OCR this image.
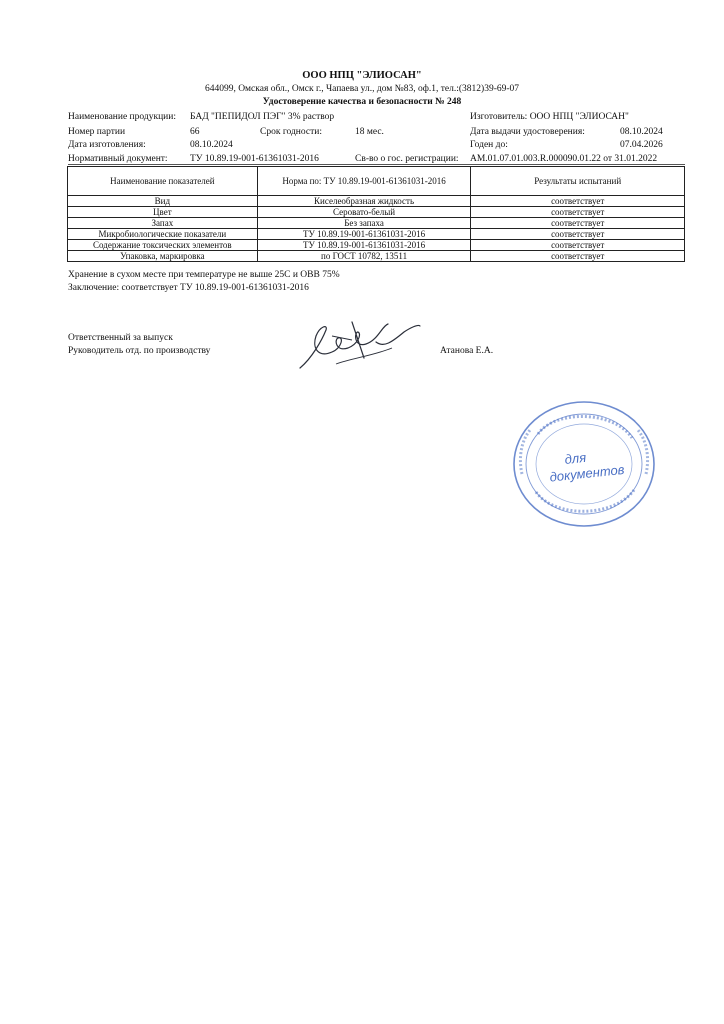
ООО НПЦ "ЭЛИОСАН"
644099, Омская обл., Омск г., Чапаева ул., дом №83, оф.1, тел.:(3812)39-69-07
Удостоверение качества и безопасности № 248
Наименование продукции: БАД "ПЕПИДОЛ ПЭГ" 3% раствор	Изготовитель: ООО НПЦ "ЭЛИОСАН"
Номер партии	66	Срок годности:	18 мес.	Дата выдачи удостоверения:	08.10.2024
Дата изготовления:	08.10.2024	Годен до:	07.04.2026
Нормативный документ: ТУ 10.89.19-001-61361031-2016	Св-во о гос. регистрации: AM.01.07.01.003.R.000090.01.22 от 31.01.2022
Наименование показателей	Норма по: ТУ 10.89.19-001-61361031-2016	Результаты испытаний
Вид	Киселеобразная жидкость	соответствует
Цвет	Серовато-белый	соответствует
Запах	Без запаха	соответствует
Микробиологические показатели	ТУ 10.89.19-001-61361031-2016	соответствует
Содержание токсических элементов	ТУ 10.89.19-001-61361031-2016	соответствует
Упаковка, маркировка	по ГОСТ 10782, 13511	соответствует
Хранение в сухом месте при температуре не выше 25С и ОВВ 75%
Заключение: соответствует ТУ 10.89.19-001-61361031-2016
Ответственный за выпуск
Руководитель отд. по производству	Атанова Е.А.
для
документов
